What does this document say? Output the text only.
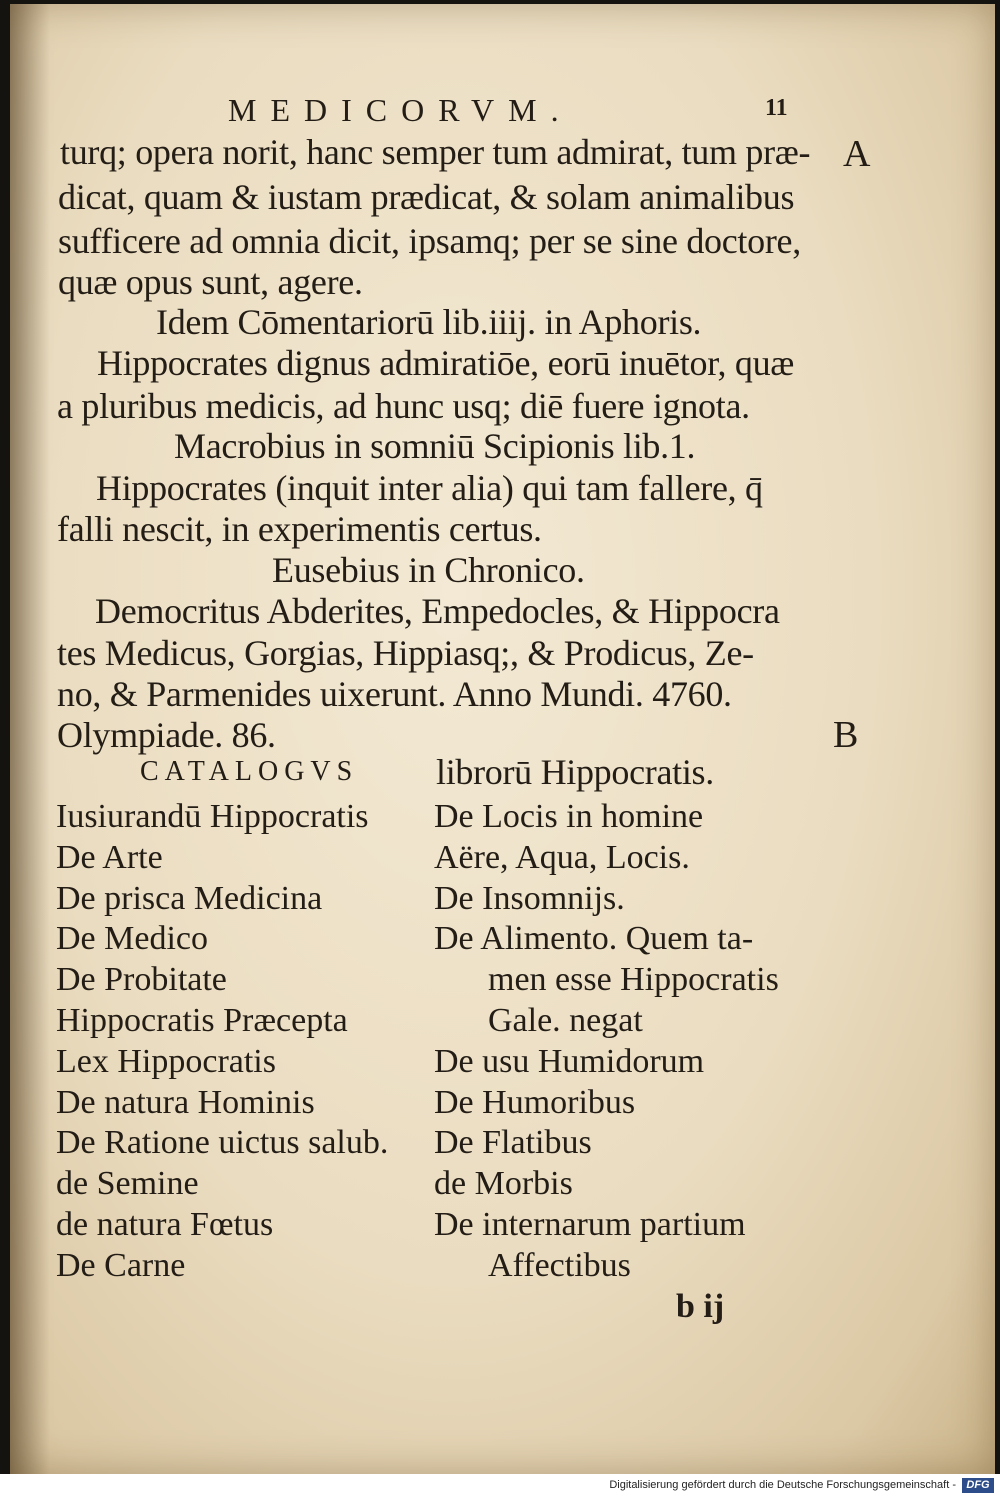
MEDICORVM.	11
A
B
turq; opera norit, hanc semper tum admirat, tum præ-
dicat, quam & iustam prædicat, & solam animalibus
sufficere ad omnia dicit, ipsamq; per se sine doctore,
quæ opus sunt, agere.
Idem Cōmentariorū lib.iiij. in Aphoris.
Hippocrates dignus admiratiōe, eorū inuētor, quæ
a pluribus medicis, ad hunc usq; diē fuere ignota.
Macrobius in somniū Scipionis lib.1.
Hippocrates (inquit inter alia) qui tam fallere, q̄
falli nescit, in experimentis certus.
Eusebius in Chronico.
Democritus Abderites, Empedocles, & Hippocra
tes Medicus, Gorgias, Hippiasq;, & Prodicus, Ze-
no, & Parmenides uixerunt. Anno Mundi. 4760.
Olympiade. 86.
CATALOGVS librorū Hippocratis.
Iusiurandū Hippocratis
De Arte
De prisca Medicina
De Medico
De Probitate
Hippocratis Præcepta
Lex Hippocratis
De natura Hominis
De Ratione uictus salub.
de Semine
de natura Fœtus
De Carne
De Locis in homine
Aëre, Aqua, Locis.
De Insomnijs.
De Alimento. Quem ta-
men esse Hippocratis
Gale. negat
De usu Humidorum
De Humoribus
De Flatibus
de Morbis
De internarum partium
Affectibus
b ij
Digitalisierung gefördert durch die Deutsche Forschungsgemeinschaft - DFG
